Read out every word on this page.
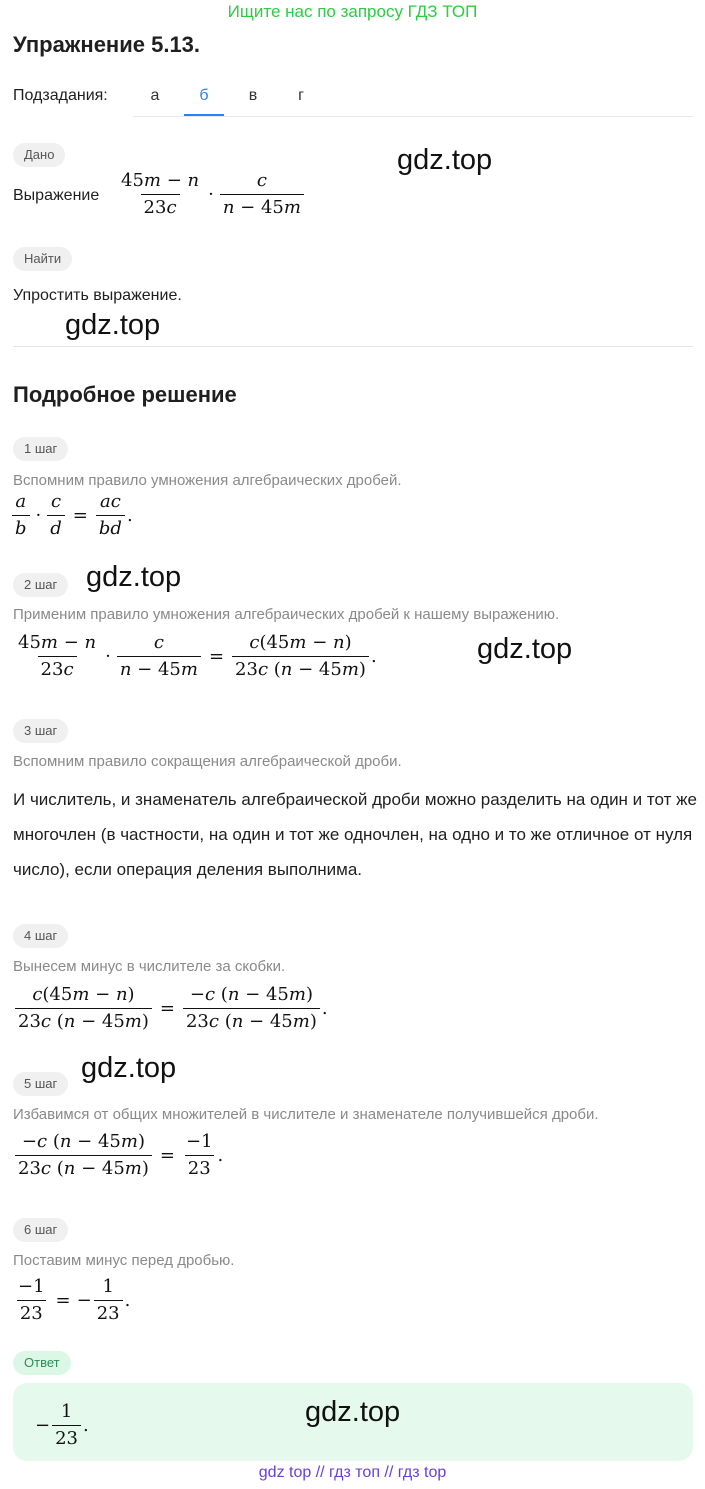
Ищите нас по запросу ГДЗ ТОП
Упражнение 5.13.
Подзадания:	а	б	в	г
Дано	gdz.top
Выражение $\frac{45m - n}{23c} \cdot \frac{c}{n - 45m}$
Найти
Упростить выражение.
gdz.top
Подробное решение
1 шаг
Вспомним правило умножения алгебраических дробей.
$\frac{a}{b} \cdot \frac{c}{d} = \frac{ac}{bd}$ .
2 шаг gdz.top
Применим правило умножения алгебраических дробей к нашему выражению.
$\frac{45m - n}{23c} \cdot \frac{c}{n - 45m} = \frac{c(45m - n)}{23c (n - 45m)}$ .	gdz.top
3 шаг
Вспомним правило сокращения алгебраической дроби.
И числитель, и знаменатель алгебраической дроби можно разделить на один и тот же многочлен (в частности, на один и тот же одночлен, на одно и то же отличное от нуля число), если операция деления выполнима.
4 шаг
Вынесем минус в числителе за скобки.
$\frac{c(45m - n)}{23c (n - 45m)} = \frac{-c (n - 45m)}{23c (n - 45m)}$ .
5 шаг gdz.top
Избавимся от общих множителей в числителе и знаменателе получившейся дроби.
$\frac{-c (n - 45m)}{23c (n - 45m)} = \frac{-1}{23}$ .
6 шаг
Поставим минус перед дробью.
$\frac{-1}{23}$ = − $\frac{1}{23}$ .
Ответ
− $\frac{1}{23}$ .	gdz.top
gdz top // гдз топ // гдз top
